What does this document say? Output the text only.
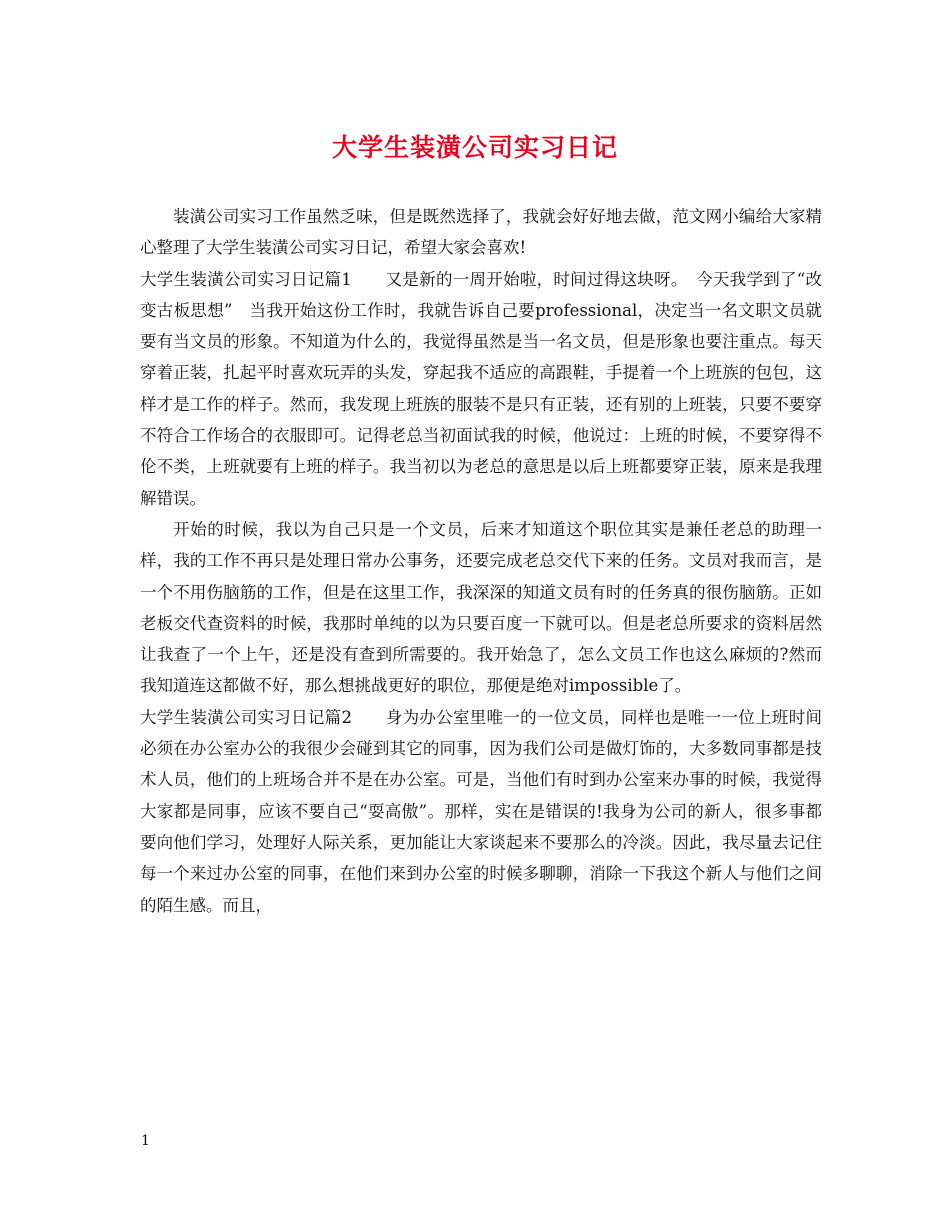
大学生装潢公司实习日记

装潢公司实习工作虽然乏味，但是既然选择了，我就会好好地去做，范文网小编给大家精心整理了大学生装潢公司实习日记，希望大家会喜欢!

大学生装潢公司实习日记篇1　　又是新的一周开始啦，时间过得这块呀。　今天我学到了“改变古板思想”　当我开始这份工作时，我就告诉自己要professional，决定当一名文职文员就要有当文员的形象。不知道为什么的，我觉得虽然是当一名文员，但是形象也要注重点。每天穿着正装，扎起平时喜欢玩弄的头发，穿起我不适应的高跟鞋，手提着一个上班族的包包，这样才是工作的样子。然而，我发现上班族的服装不是只有正装，还有别的上班装，只要不要穿不符合工作场合的衣服即可。记得老总当初面试我的时候，他说过：上班的时候，不要穿得不伦不类，上班就要有上班的样子。我当初以为老总的意思是以后上班都要穿正装，原来是我理解错误。

开始的时候，我以为自己只是一个文员，后来才知道这个职位其实是兼任老总的助理一样，我的工作不再只是处理日常办公事务，还要完成老总交代下来的任务。文员对我而言，是一个不用伤脑筋的工作，但是在这里工作，我深深的知道文员有时的任务真的很伤脑筋。正如老板交代查资料的时候，我那时单纯的以为只要百度一下就可以。但是老总所要求的资料居然让我查了一个上午，还是没有查到所需要的。我开始急了，怎么文员工作也这么麻烦的?然而我知道连这都做不好，那么想挑战更好的职位，那便是绝对impossible了。

大学生装潢公司实习日记篇2　　身为办公室里唯一的一位文员，同样也是唯一一位上班时间必须在办公室办公的我很少会碰到其它的同事，因为我们公司是做灯饰的，大多数同事都是技术人员，他们的上班场合并不是在办公室。可是，当他们有时到办公室来办事的时候，我觉得大家都是同事，应该不要自己“耍高傲”。那样，实在是错误的!我身为公司的新人，很多事都要向他们学习，处理好人际关系，更加能让大家谈起来不要那么的冷淡。因此，我尽量去记住每一个来过办公室的同事，在他们来到办公室的时候多聊聊，消除一下我这个新人与他们之间的陌生感。而且，

1
